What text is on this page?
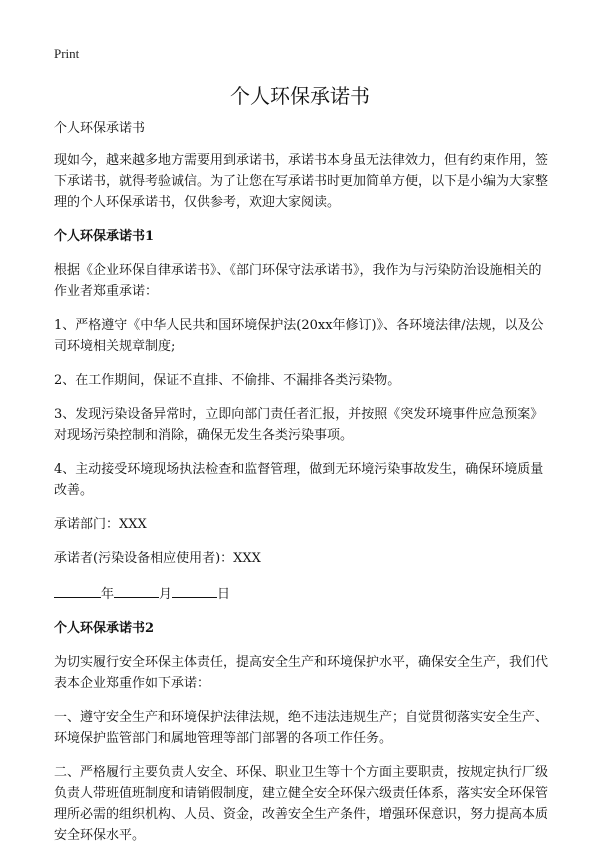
Print
个人环保承诺书

个人环保承诺书

现如今，越来越多地方需要用到承诺书，承诺书本身虽无法律效力，但有约束作用，签下承诺书，就得考验诚信。为了让您在写承诺书时更加简单方便，以下是小编为大家整理的个人环保承诺书，仅供参考，欢迎大家阅读。

个人环保承诺书1

根据《企业环保自律承诺书》、《部门环保守法承诺书》，我作为与污染防治设施相关的作业者郑重承诺：

1、严格遵守《中华人民共和国环境保护法(20xx年修订)》、各环境法律/法规，以及公司环境相关规章制度;

2、在工作期间，保证不直排、不偷排、不漏排各类污染物。

3、发现污染设备异常时，立即向部门责任者汇报，并按照《突发环境事件应急预案》对现场污染控制和消除，确保无发生各类污染事项。

4、主动接受环境现场执法检查和监督管理，做到无环境污染事故发生，确保环境质量改善。

承诺部门：XXX

承诺者(污染设备相应使用者)：XXX

年	月	日

个人环保承诺书2

为切实履行安全环保主体责任，提高安全生产和环境保护水平，确保安全生产，我们代表本企业郑重作如下承诺：

一、遵守安全生产和环境保护法律法规，绝不违法违规生产；自觉贯彻落实安全生产、环境保护监管部门和属地管理等部门部署的各项工作任务。

二、严格履行主要负责人安全、环保、职业卫生等十个方面主要职责，按规定执行厂级负责人带班值班制度和请销假制度，建立健全安全环保六级责任体系，落实安全环保管理所必需的组织机构、人员、资金，改善安全生产条件，增强环保意识，努力提高本质安全环保水平。
